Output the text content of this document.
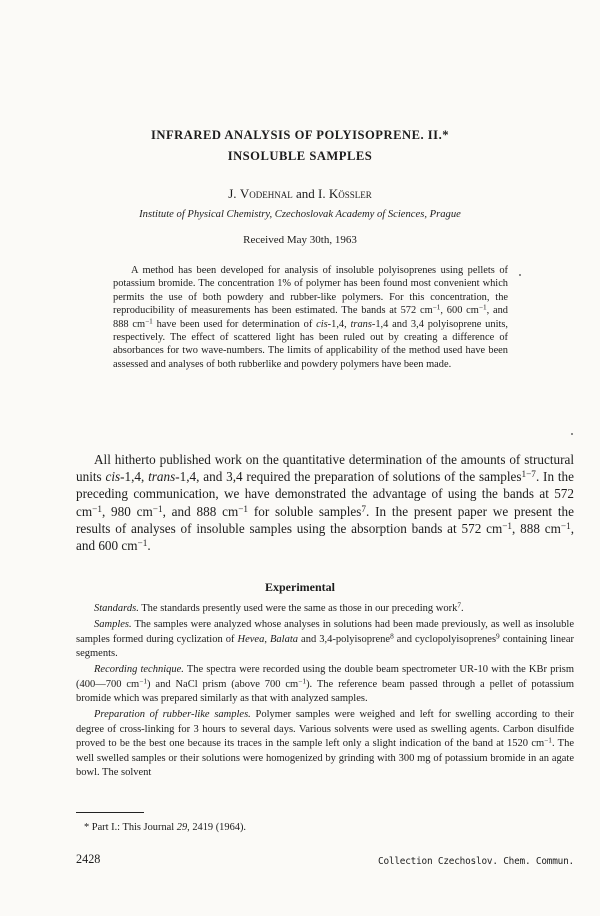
INFRARED ANALYSIS OF POLYISOPRENE. II.*
INSOLUBLE SAMPLES
J. Vodehnal and I. Kössler
Institute of Physical Chemistry, Czechoslovak Academy of Sciences, Prague
Received May 30th, 1963

A method has been developed for analysis of insoluble polyisoprenes using pellets of potassium bromide. The concentration 1% of polymer has been found most convenient which permits the use of both powdery and rubber-like polymers. For this concentration, the reproducibility of measurements has been estimated. The bands at 572 $cm^{-1}$, 600 $cm^{-1}$, and 888 $cm^{-1}$ have been used for determination of cis-1,4, trans-1,4 and 3,4 polyisoprene units, respectively. The effect of scattered light has been ruled out by creating a difference of absorbances for two wave-numbers. The limits of applicability of the method used have been assessed and analyses of both rubberlike and powdery polymers have been made.

All hitherto published work on the quantitative determination of the amounts of structural units cis-1,4, trans-1,4, and 3,4 required the preparation of solutions of the samples$^{1-7}$. In the preceding communication, we have demonstrated the advantage of using the bands at 572 $cm^{-1}$, 980 $cm^{-1}$, and 888 $cm^{-1}$ for soluble samples$^7$. In the present paper we present the results of analyses of insoluble samples using the absorption bands at 572 $cm^{-1}$, 888 $cm^{-1}$, and 600 $cm^{-1}$.

Experimental

Standards. The standards presently used were the same as those in our preceding work$^7$.

Samples. The samples were analyzed whose analyses in solutions had been made previously, as well as insoluble samples formed during cyclization of Hevea, Balata and 3,4-polyisoprene$^8$ and cyclopolyisoprenes$^9$ containing linear segments.

Recording technique. The spectra were recorded using the double beam spectrometer UR-10 with the KBr prism (400—700 $cm^{-1}$) and NaCl prism (above 700 $cm^{-1}$). The reference beam passed through a pellet of potassium bromide which was prepared similarly as that with analyzed samples.

Preparation of rubber-like samples. Polymer samples were weighed and left for swelling according to their degree of cross-linking for 3 hours to several days. Various solvents were used as swelling agents. Carbon disulfide proved to be the best one because its traces in the sample left only a slight indication of the band at 1520 $cm^{-1}$. The well swelled samples or their solutions were homogenized by grinding with 300 mg of potassium bromide in an agate bowl. The solvent

* Part I.: This Journal 29, 2419 (1964).
2428	Collection Czechoslov. Chem. Commun.
